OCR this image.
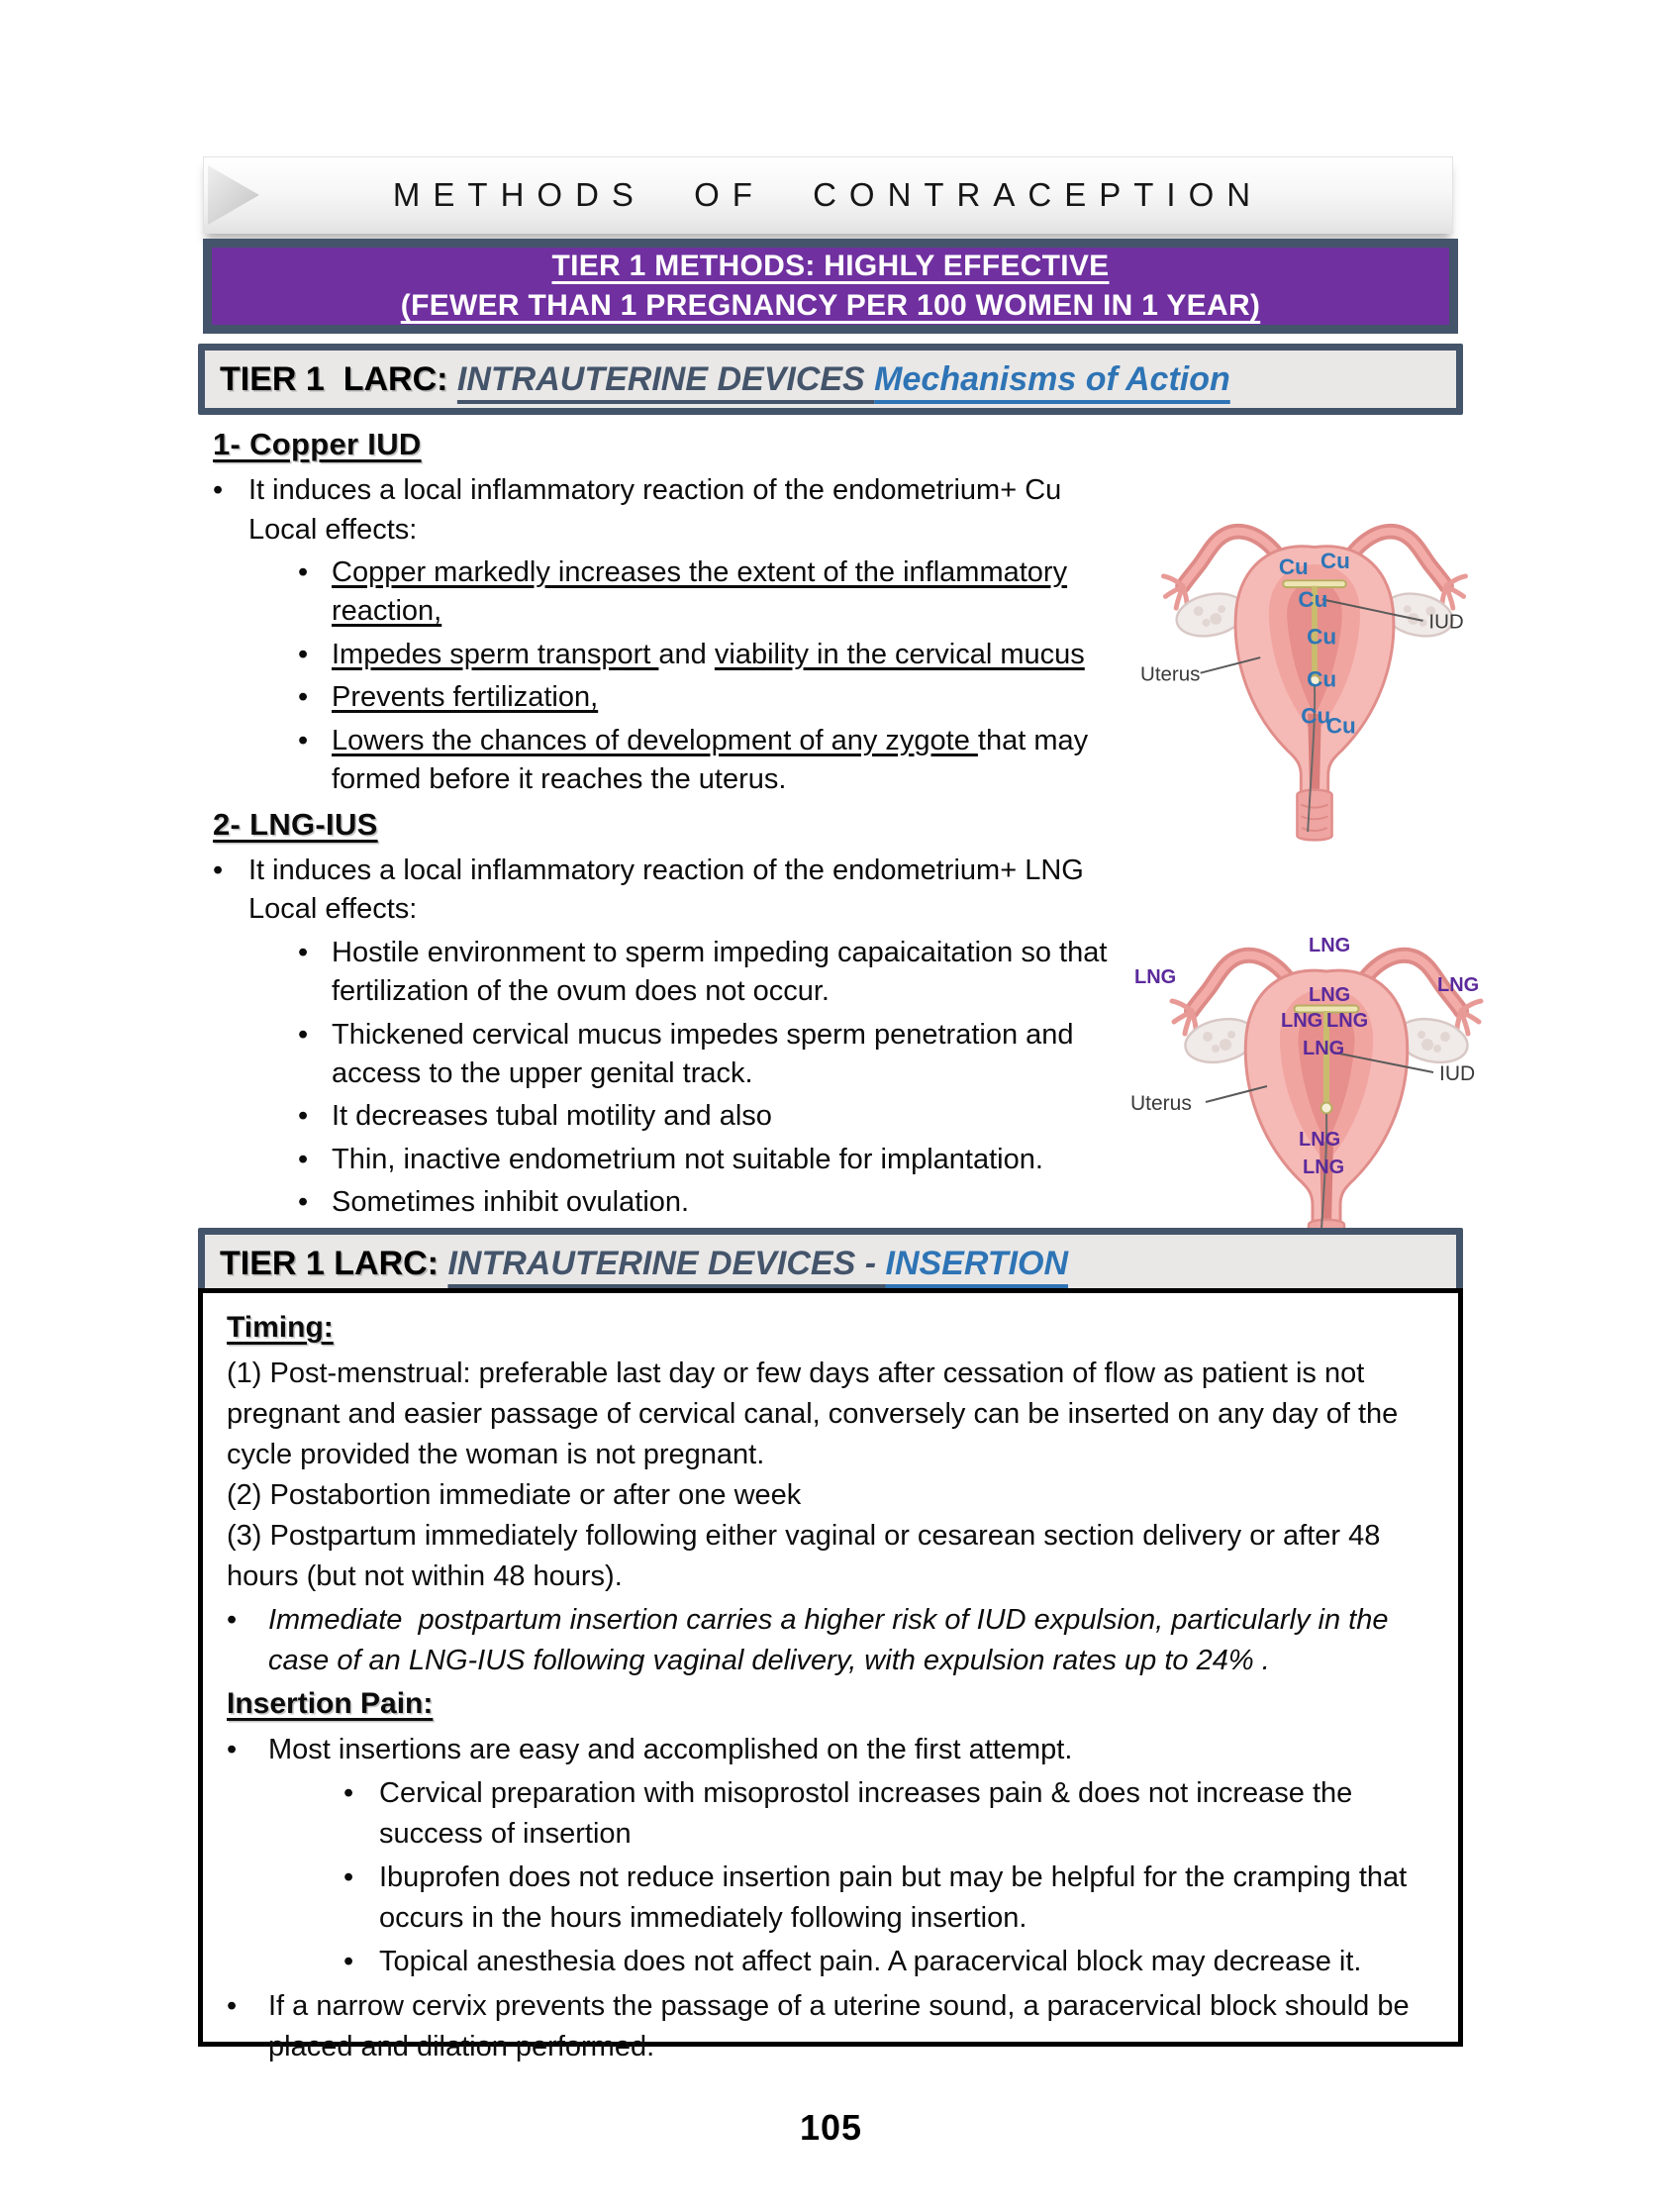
METHODS OF CONTRACEPTION
TIER 1 METHODS: HIGHLY EFFECTIVE
(FEWER THAN 1 PREGNANCY PER 100 WOMEN IN 1 YEAR)
TIER 1  LARC: INTRAUTERINE DEVICES Mechanisms of Action
1- Copper IUD
• It induces a local inflammatory reaction of the endometrium+ Cu
Local effects:
• Copper markedly increases the extent of the inflammatory reaction,
• Impedes sperm transport and viability in the cervical mucus
• Prevents fertilization,
• Lowers the chances of development of any zygote that may formed before it reaches the uterus.
2- LNG-IUS
• It induces a local inflammatory reaction of the endometrium+ LNG
Local effects:
• Hostile environment to sperm impeding capaicaitation so that fertilization of the ovum does not occur.
• Thickened cervical mucus impedes sperm penetration and access to the upper genital track.
• It decreases tubal motility and also
• Thin, inactive endometrium not suitable for implantation.
• Sometimes inhibit ovulation.
Uterus
IUD
Cu Cu
Cu
Cu
Cu
Cu
Cu
Uterus
IUD
LNG
LNG
LNG
LNG
LNG LNG
LNG
LNG
LNG
TIER 1 LARC: INTRAUTERINE DEVICES - INSERTION
Timing:

(1) Post-menstrual: preferable last day or few days after cessation of flow as patient is not pregnant and easier passage of cervical canal, conversely can be inserted on any day of the cycle provided the woman is not pregnant.

(2) Postabortion immediate or after one week

(3) Postpartum immediately following either vaginal or cesarean section delivery or after 48 hours (but not within 48 hours).

•	Immediate  postpartum insertion carries a higher risk of IUD expulsion, particularly in the case of an LNG-IUS following vaginal delivery, with expulsion rates up to 24% .
Insertion Pain:
•	Most insertions are easy and accomplished on the first attempt.
• Cervical preparation with misoprostol increases pain & does not increase the success of insertion
• Ibuprofen does not reduce insertion pain but may be helpful for the cramping that occurs in the hours immediately following insertion.
• Topical anesthesia does not affect pain. A paracervical block may decrease it.
•	If a narrow cervix prevents the passage of a uterine sound, a paracervical block should be placed and dilation performed.
105
